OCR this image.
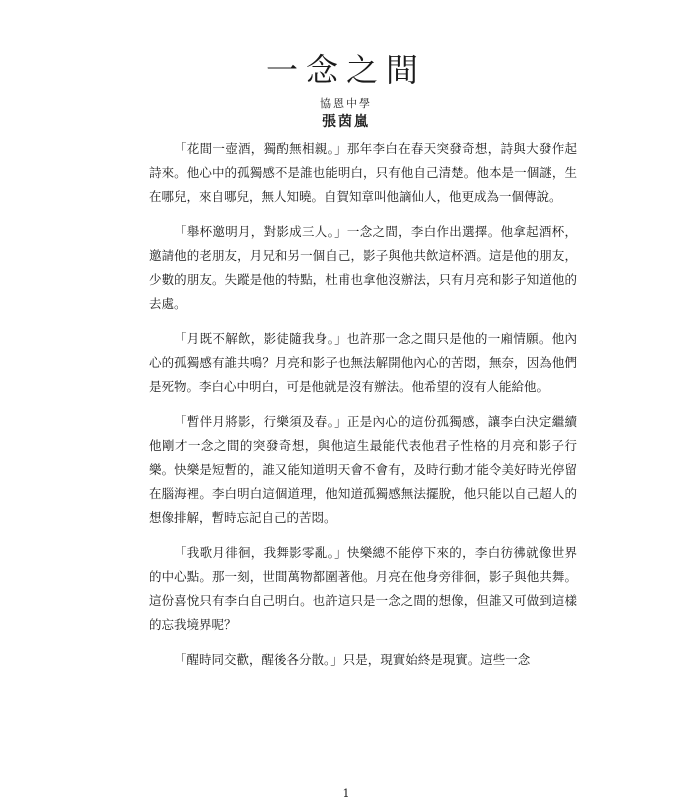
一念之間
協恩中學
張茵嵐

「花間一壺酒，獨酌無相親。」那年李白在春天突發奇想，詩與大發作起詩來。他心中的孤獨感不是誰也能明白，只有他自己清楚。他本是一個謎，生在哪兒，來自哪兒，無人知曉。自賀知章叫他謫仙人，他更成為一個傳說。

「舉杯邀明月，對影成三人。」一念之間，李白作出選擇。他拿起酒杯，邀請他的老朋友，月兄和另一個自己，影子與他共飲這杯酒。這是他的朋友，少數的朋友。失蹤是他的特點，杜甫也拿他沒辦法，只有月亮和影子知道他的去處。

「月既不解飲，影徒隨我身。」也許那一念之間只是他的一廂情願。他內心的孤獨感有誰共鳴？月亮和影子也無法解開他內心的苦悶，無奈，因為他們是死物。李白心中明白，可是他就是沒有辦法。他希望的沒有人能給他。

「暫伴月將影，行樂須及春。」正是內心的這份孤獨感，讓李白決定繼續他剛才一念之間的突發奇想，與他這生最能代表他君子性格的月亮和影子行樂。快樂是短暫的，誰又能知道明天會不會有，及時行動才能令美好時光停留在腦海裡。李白明白這個道理，他知道孤獨感無法擺脫，他只能以自己超人的想像排解，暫時忘記自己的苦悶。

「我歌月徘徊，我舞影零亂。」快樂總不能停下來的，李白彷彿就像世界的中心點。那一刻，世間萬物都圍著他。月亮在他身旁徘徊，影子與他共舞。這份喜悅只有李白自己明白。也許這只是一念之間的想像，但誰又可做到這樣的忘我境界呢？

「醒時同交歡，醒後各分散。」只是，現實始終是現實。這些一念

1
